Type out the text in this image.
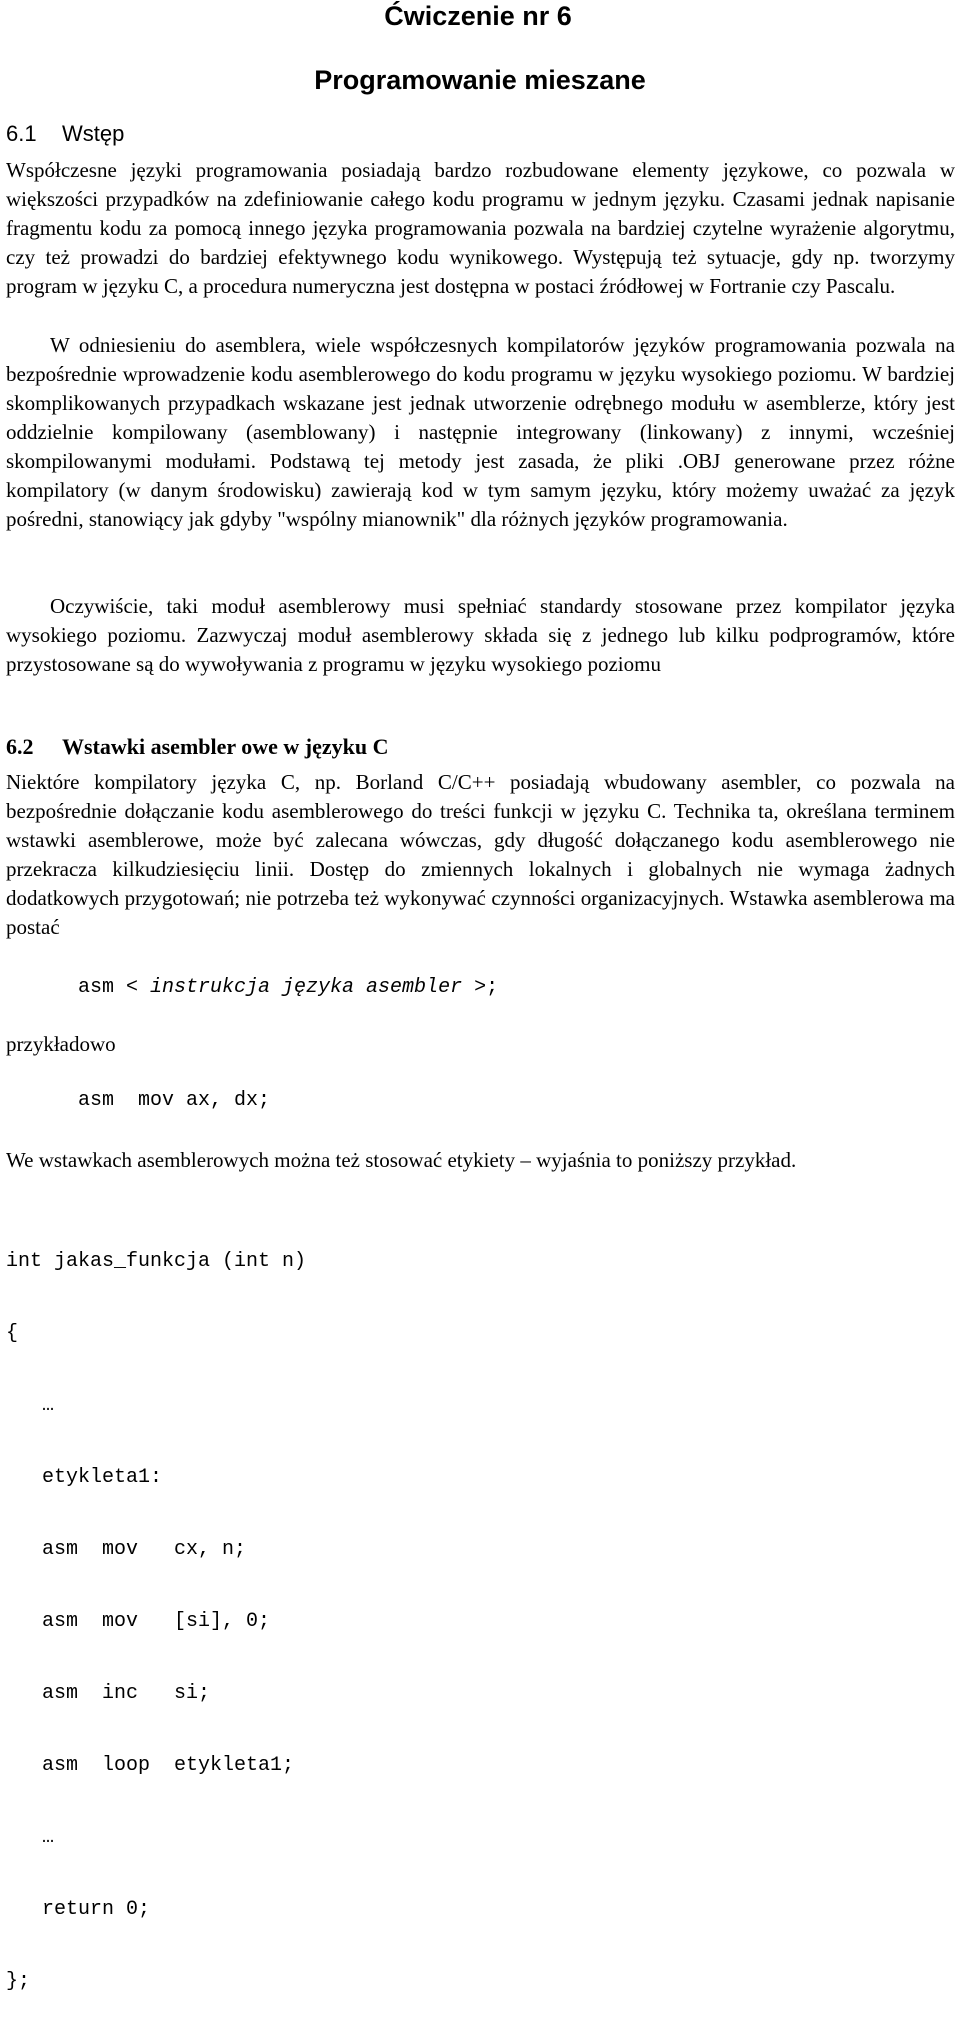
Ćwiczenie nr 6
Programowanie mieszane
6.1 Wstęp

Współczesne języki programowania posiadają bardzo rozbudowane elementy językowe, co pozwala w większości przypadków na zdefiniowanie całego kodu programu w jednym języku. Czasami jednak napisanie fragmentu kodu za pomocą innego języka programowania pozwala na bardziej czytelne wyrażenie algorytmu, czy też prowadzi do bardziej efektywnego kodu wynikowego. Występują też sytuacje, gdy np. tworzymy program w języku C, a procedura numeryczna jest dostępna w postaci źródłowej w Fortranie czy Pascalu.

W odniesieniu do asemblera, wiele współczesnych kompilatorów języków programowania pozwala na bezpośrednie wprowadzenie kodu asemblerowego do kodu programu w języku wysokiego poziomu. W bardziej skomplikowanych przypadkach wskazane jest jednak utworzenie odrębnego modułu w asemblerze, który jest oddzielnie kompilowany (asemblowany) i następnie integrowany (linkowany) z innymi, wcześniej skompilowanymi modułami. Podstawą tej metody jest zasada, że pliki .OBJ generowane przez różne kompilatory (w danym środowisku) zawierają kod w tym samym języku, który możemy uważać za język pośredni, stanowiący jak gdyby "wspólny mianownik" dla różnych języków programowania.

Oczywiście, taki moduł asemblerowy musi spełniać standardy stosowane przez kompilator języka wysokiego poziomu. Zazwyczaj moduł asemblerowy składa się z jednego lub kilku podprogramów, które przystosowane są do wywoływania z programu w języku wysokiego poziomu

6.2 Wstawki asembler owe w języku C

Niektóre kompilatory języka C, np. Borland C/C++ posiadają wbudowany asembler, co pozwala na bezpośrednie dołączanie kodu asemblerowego do treści funkcji w języku C. Technika ta, określana terminem wstawki asemblerowe, może być zalecana wówczas, gdy długość dołączanego kodu asemblerowego nie przekracza kilkudziesięciu linii. Dostęp do zmiennych lokalnych i globalnych nie wymaga żadnych dodatkowych przygotowań; nie potrzeba też wykonywać czynności organizacyjnych. Wstawka asemblerowa ma postać

asm < instrukcja języka asembler >;
przykładowo
asm  mov ax, dx;

We wstawkach asemblerowych można też stosować etykiety – wyjaśnia to poniższy przykład.

int jakas_funkcja (int n)

{

…

etykleta1:

asm  mov   cx, n;

asm  mov   [si], 0;

asm  inc   si;

asm  loop  etykleta1;

…

return 0;

};
